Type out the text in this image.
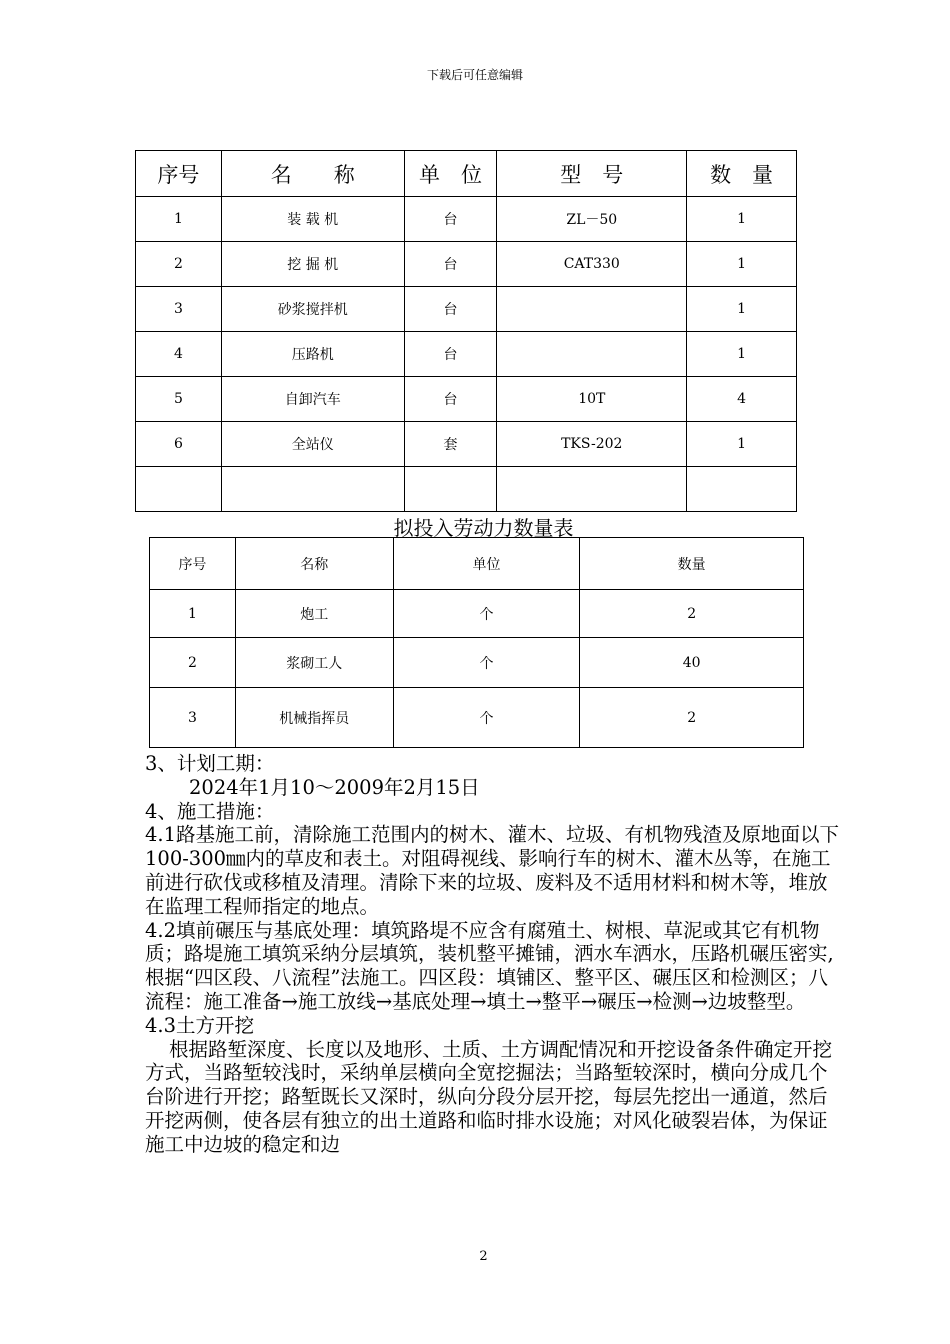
下载后可任意编辑
序号	名　　称	单　位	型　号	数　量
1	装 载 机	台	ZL－50	1
2	挖 掘 机	台	CAT330	1
3	砂浆搅拌机	台		1
4	压路机	台		1
5	自卸汽车	台	10T	4
6	全站仪	套	TKS-202	1

拟投入劳动力数量表
序号	名称	单位	数量
1	炮工	个	2
2	浆砌工人	个	40
3	机械指挥员	个	2

3、计划工期：

2024年1月10～2009年2月15日

4、施工措施：

4.1路基施工前，清除施工范围内的树木、灌木、垃圾、有机物残渣及原地面以下100-300㎜内的草皮和表土。对阻碍视线、影响行车的树木、灌木丛等，在施工前进行砍伐或移植及清理。清除下来的垃圾、废料及不适用材料和树木等，堆放在监理工程师指定的地点。

4.2填前碾压与基底处理：填筑路堤不应含有腐殖土、树根、草泥或其它有机物质；路堤施工填筑采纳分层填筑，装机整平摊铺，洒水车洒水，压路机碾压密实,根据“四区段、八流程”法施工。四区段：填铺区、整平区、碾压区和检测区；八流程：施工准备→施工放线→基底处理→填土→整平→碾压→检测→边坡整型。

4.3土方开挖

根据路堑深度、长度以及地形、土质、土方调配情况和开挖设备条件确定开挖方式，当路堑较浅时，采纳单层横向全宽挖掘法；当路堑较深时，横向分成几个台阶进行开挖；路堑既长又深时，纵向分段分层开挖，每层先挖出一通道，然后开挖两侧，使各层有独立的出土道路和临时排水设施；对风化破裂岩体，为保证施工中边坡的稳定和边

2
